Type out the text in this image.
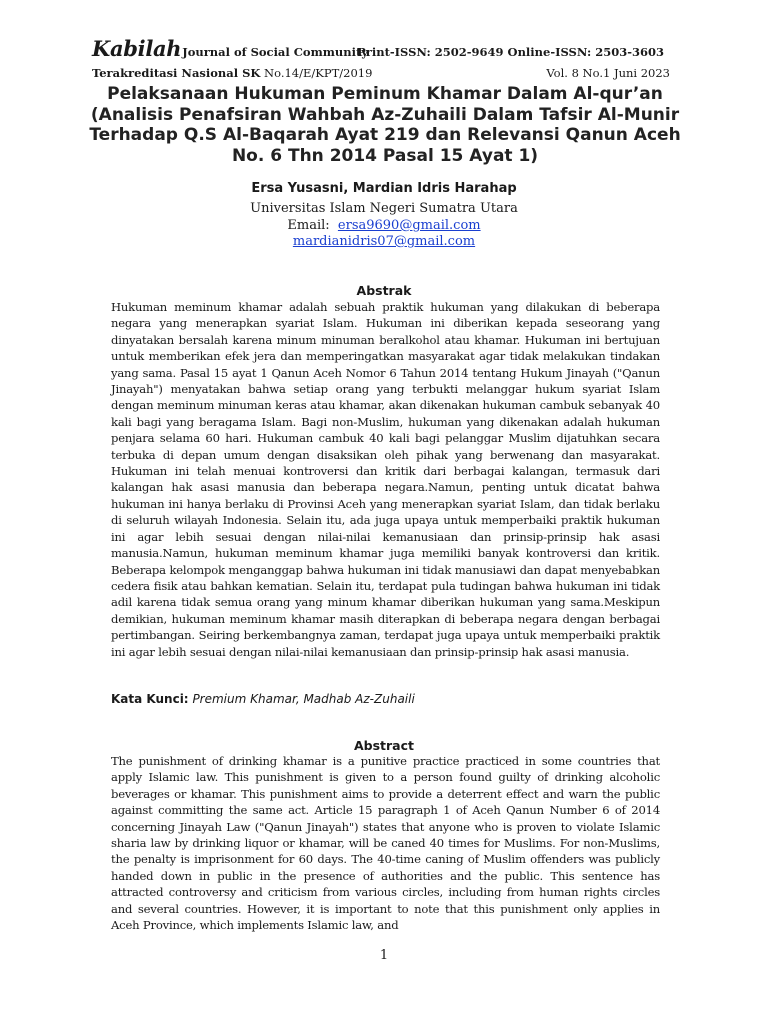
Kabilah
: Journal of Social Community
Print-ISSN: 2502-9649 Online-ISSN: 2503-3603
Terakreditasi Nasional SK No.14/E/KPT/2019	Vol. 8 No.1 Juni 2023
Pelaksanaan Hukuman Peminum Khamar Dalam Al-qur’an (Analisis Penafsiran Wahbah Az-Zuhaili Dalam Tafsir Al-Munir Terhadap Q.S Al-Baqarah Ayat 219 dan Relevansi Qanun Aceh No. 6 Thn 2014 Pasal 15 Ayat 1)
Ersa Yusasni, Mardian Idris Harahap
Universitas Islam Negeri Sumatra Utara
Email: ersa9690@gmail.com
mardianidris07@gmail.com
Abstrak
Hukuman meminum khamar adalah sebuah praktik hukuman yang dilakukan di beberapa negara yang menerapkan syariat Islam. Hukuman ini diberikan kepada seseorang yang dinyatakan bersalah karena minum minuman beralkohol atau khamar. Hukuman ini bertujuan untuk memberikan efek jera dan memperingatkan masyarakat agar tidak melakukan tindakan yang sama. Pasal 15 ayat 1 Qanun Aceh Nomor 6 Tahun 2014 tentang Hukum Jinayah ("Qanun Jinayah") menyatakan bahwa setiap orang yang terbukti melanggar hukum syariat Islam dengan meminum minuman keras atau khamar, akan dikenakan hukuman cambuk sebanyak 40 kali bagi yang beragama Islam. Bagi non-Muslim, hukuman yang dikenakan adalah hukuman penjara selama 60 hari. Hukuman cambuk 40 kali bagi pelanggar Muslim dijatuhkan secara terbuka di depan umum dengan disaksikan oleh pihak yang berwenang dan masyarakat. Hukuman ini telah menuai kontroversi dan kritik dari berbagai kalangan, termasuk dari kalangan hak asasi manusia dan beberapa negara.Namun, penting untuk dicatat bahwa hukuman ini hanya berlaku di Provinsi Aceh yang menerapkan syariat Islam, dan tidak berlaku di seluruh wilayah Indonesia. Selain itu, ada juga upaya untuk memperbaiki praktik hukuman ini agar lebih sesuai dengan nilai-nilai kemanusiaan dan prinsip-prinsip hak asasi manusia.Namun, hukuman meminum khamar juga memiliki banyak kontroversi dan kritik. Beberapa kelompok menganggap bahwa hukuman ini tidak manusiawi dan dapat menyebabkan cedera fisik atau bahkan kematian. Selain itu, terdapat pula tudingan bahwa hukuman ini tidak adil karena tidak semua orang yang minum khamar diberikan hukuman yang sama.Meskipun demikian, hukuman meminum khamar masih diterapkan di beberapa negara dengan berbagai pertimbangan. Seiring berkembangnya zaman, terdapat juga upaya untuk memperbaiki praktik ini agar lebih sesuai dengan nilai-nilai kemanusiaan dan prinsip-prinsip hak asasi manusia.
Kata Kunci: Premium Khamar, Madhab Az-Zuhaili
Abstract
The punishment of drinking khamar is a punitive practice practiced in some countries that apply Islamic law. This punishment is given to a person found guilty of drinking alcoholic beverages or khamar. This punishment aims to provide a deterrent effect and warn the public against committing the same act. Article 15 paragraph 1 of Aceh Qanun Number 6 of 2014 concerning Jinayah Law ("Qanun Jinayah") states that anyone who is proven to violate Islamic sharia law by drinking liquor or khamar, will be caned 40 times for Muslims. For non-Muslims, the penalty is imprisonment for 60 days. The 40-time caning of Muslim offenders was publicly handed down in public in the presence of authorities and the public. This sentence has attracted controversy and criticism from various circles, including from human rights circles and several countries. However, it is important to note that this punishment only applies in Aceh Province, which implements Islamic law, and
1
